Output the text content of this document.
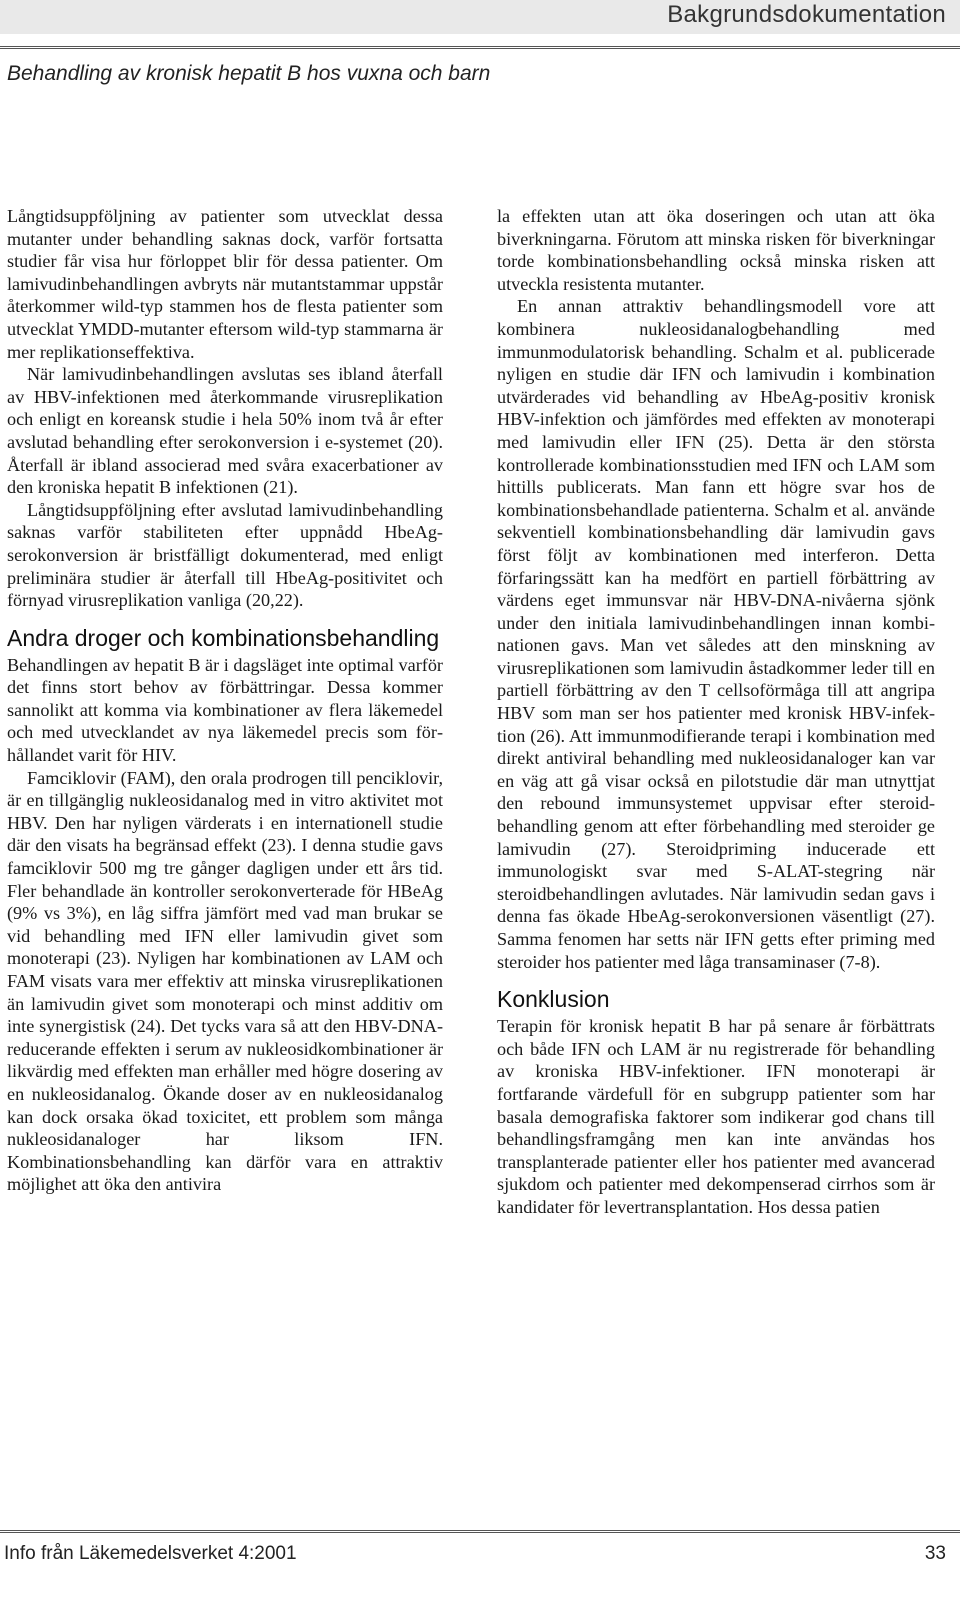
Bakgrundsdokumentation
Behandling av kronisk hepatit B hos vuxna och barn

Långtidsuppföljning av patienter som utvecklat dessa mutanter under behandling saknas dock, varför fortsatta studier får visa hur förloppet blir för dessa patienter. Om lamivudinbehandlingen avbryts när mutantstammar uppstår återkommer wild-typ stammen hos de flesta patienter som utvecklat YMDD-mutanter eftersom wild-typ stammarna är mer replikationseffektiva.

När lamivudinbehandlingen avslutas ses ibland återfall av HBV-infektionen med återkommande virusreplikation och enligt en koreansk studie i hela 50% inom två år efter avslutad behandling efter serokonversion i e-systemet (20). Återfall är ibland associerad med svåra exacerbationer av den kroniska hepatit B infektionen (21).

Långtidsuppföljning efter avslutad lamivudinbehandling saknas varför stabiliteten efter uppnådd HbeAg-serokonversion är bristfälligt dokumenterad, med enligt preliminära studier är återfall till HbeAg-positivitet och förnyad virusreplikation vanliga (20,22).

Andra droger och kombinationsbehandling

Behandlingen av hepatit B är i dagsläget inte optimal varför det finns stort behov av förbättringar. Dessa kommer sannolikt att komma via kombinationer av flera läkemedel och med utvecklandet av nya läkemedel precis som förhållandet varit för HIV.

Famciklovir (FAM), den orala prodrogen till penciklovir, är en tillgänglig nukleosidanalog med in vitro aktivitet mot HBV. Den har nyligen värderats i en internationell studie där den visats ha begränsad effekt (23). I denna studie gavs famciklovir 500 mg tre gånger dagligen under ett års tid. Fler behandlade än kontroller serokonverterade för HBeAg (9% vs 3%), en låg siffra jämfört med vad man brukar se vid behandling med IFN eller lamivudin givet som monoterapi (23). Nyligen har kombinationen av LAM och FAM visats vara mer effektiv att minska virusreplikationen än lamivudin givet som monoterapi och minst additiv om inte synergistisk (24). Det tycks vara så att den HBV-DNA-reducerande effekten i serum av nukleosidkombinationer är likvärdig med effekten man erhåller med högre dosering av en nukleosidanalog. Ökande doser av en nukleosidanalog kan dock orsaka ökad toxicitet, ett problem som många nukleosidanaloger har liksom IFN. Kombinationsbehandling kan därför vara en attraktiv möjlighet att öka den antivira

la effekten utan att öka doseringen och utan att öka biverkningarna. Förutom att minska risken för biverkningar torde kombinationsbehandling också minska risken att utveckla resistenta mutanter.

En annan attraktiv behandlingsmodell vore att kombinera nukleosidanalogbehandling med immunmodulatorisk behandling. Schalm et al. publicerade nyligen en studie där IFN och lamivudin i kombination utvärderades vid behandling av HbeAg-positiv kronisk HBV-infektion och jämfördes med effekten av monoterapi med lamivudin eller IFN (25). Detta är den största kontrollerade kombinationsstudien med IFN och LAM som hittills publicerats. Man fann ett högre svar hos de kombinationsbehandlade patienterna. Schalm et al. använde sekventiell kombinationsbehandling där lamivudin gavs först följt av kombinationen med interferon. Detta förfaringssätt kan ha medfört en partiell förbättring av värdens eget immunsvar när HBV-DNA-nivåerna sjönk under den initiala lamivudinbehandlingen innan kombinationen gavs. Man vet således att den minskning av virusreplikationen som lamivudin åstadkommer leder till en partiell förbättring av den T cellsoförmåga till att angripa HBV som man ser hos patienter med kronisk HBV-infektion (26). Att immunmodifierande terapi i kombination med direkt antiviral behandling med nukleosidanaloger kan var en väg att gå visar också en pilotstudie där man utnyttjat den rebound immunsystemet uppvisar efter steroidbehandling genom att efter förbehandling med steroider ge lamivudin (27). Steroidpriming inducerade ett immunologiskt svar med S-ALAT-stegring när steroidbehandlingen avlutades. När lamivudin sedan gavs i denna fas ökade HbeAg-serokonversionen väsentligt (27). Samma fenomen har setts när IFN getts efter priming med steroider hos patienter med låga transaminaser (7-8).

Konklusion

Terapin för kronisk hepatit B har på senare år förbättrats och både IFN och LAM är nu registrerade för behandling av kroniska HBV-infektioner. IFN monoterapi är fortfarande värdefull för en subgrupp patienter som har basala demografiska faktorer som indikerar god chans till behandlingsframgång men kan inte användas hos transplanterade patienter eller hos patienter med avancerad sjukdom och patienter med dekompenserad cirrhos som är kandidater för levertransplantation. Hos dessa patien

Info från Läkemedelsverket 4:2001	33
